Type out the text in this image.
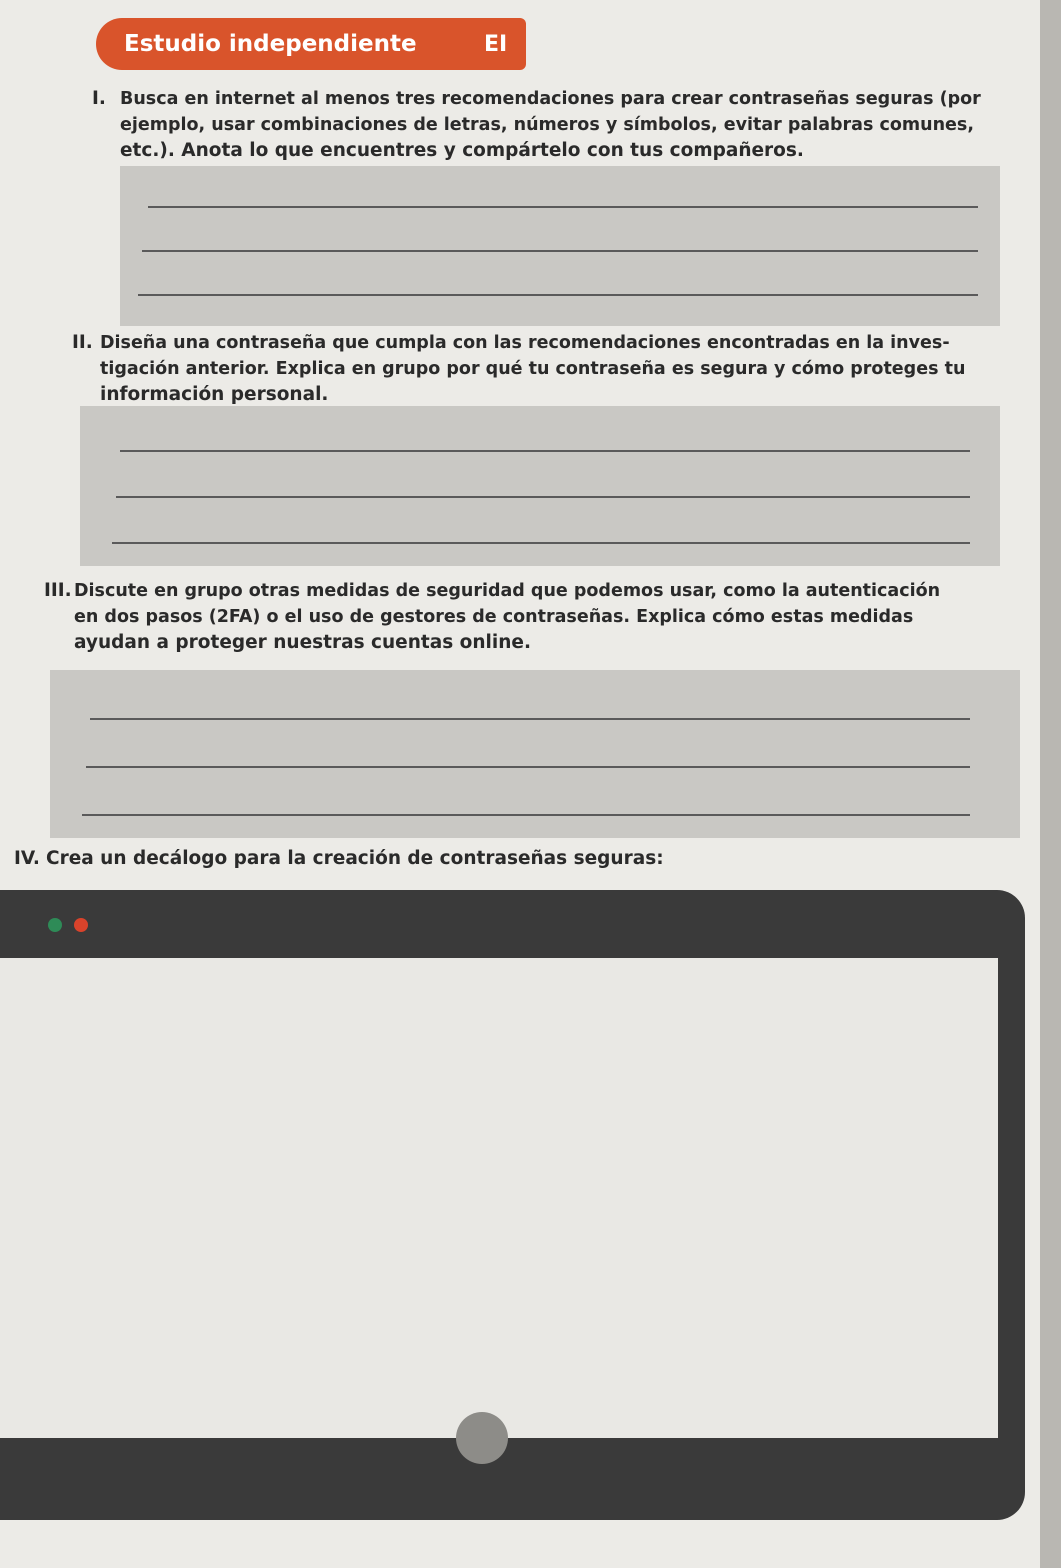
Estudio independiente	EI
I. Busca en internet al menos tres recomendaciones para crear contraseñas seguras (por
ejemplo, usar combinaciones de letras, números y símbolos, evitar palabras comunes,
etc.). Anota lo que encuentres y compártelo con tus compañeros.
II. Diseña una contraseña que cumpla con las recomendaciones encontradas en la inves-
tigación anterior. Explica en grupo por qué tu contraseña es segura y cómo proteges tu
información personal.
III. Discute en grupo otras medidas de seguridad que podemos usar, como la autenticación
en dos pasos (2FA) o el uso de gestores de contraseñas. Explica cómo estas medidas
ayudan a proteger nuestras cuentas online.
IV. Crea un decálogo para la creación de contraseñas seguras:
